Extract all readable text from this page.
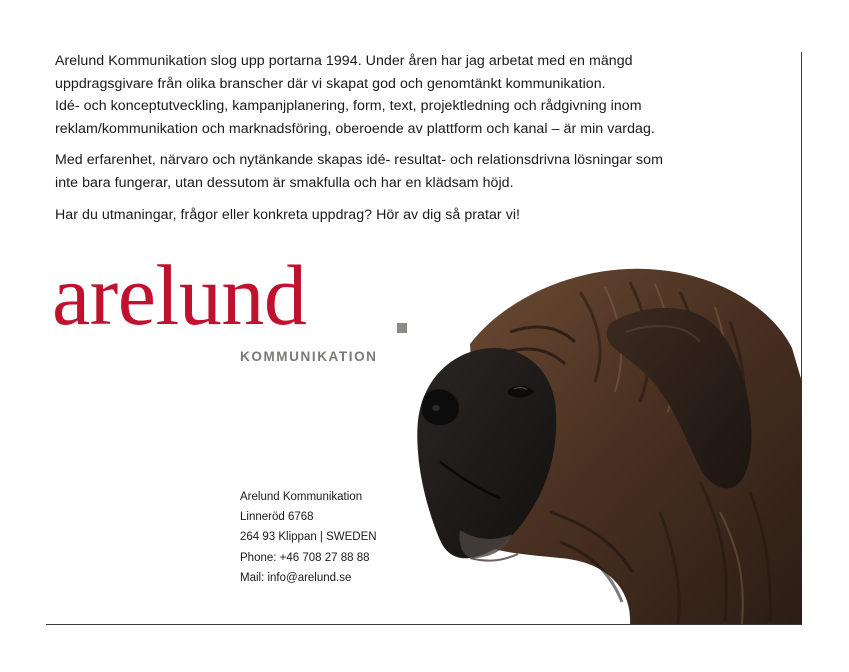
Arelund Kommunikation slog upp portarna 1994. Under åren har jag arbetat med en mängd
uppdragsgivare från olika branscher där vi skapat god och genomtänkt kommunikation.
Idé- och konceptutveckling, kampanjplanering, form, text, projektledning och rådgivning inom
reklam/kommunikation och marknadsföring, oberoende av plattform och kanal – är min vardag.

Med erfarenhet, närvaro och nytänkande skapas idé- resultat- och relationsdrivna lösningar som
inte bara fungerar, utan dessutom är smakfulla och har en klädsam höjd.

Har du utmaningar, frågor eller konkreta uppdrag? Hör av dig så pratar vi!

arelund
KOMMUNIKATION
Arelund Kommunikation
Linneröd 6768
264 93 Klippan | SWEDEN
Phone: +46 708 27 88 88
Mail: info@arelund.se
